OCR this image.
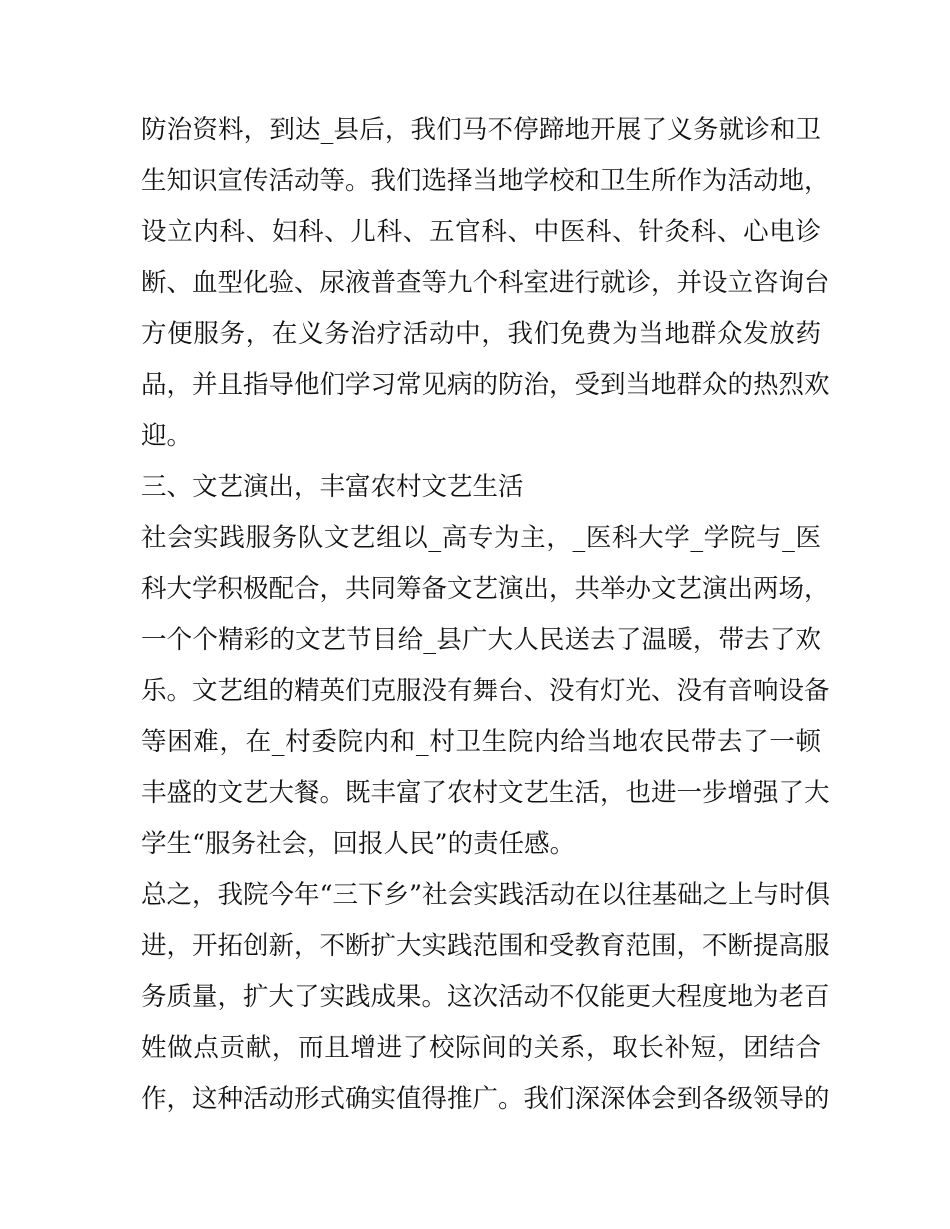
防治资料，到达_县后，我们马不停蹄地开展了义务就诊和卫
生知识宣传活动等。我们选择当地学校和卫生所作为活动地，
设立内科、妇科、儿科、五官科、中医科、针灸科、心电诊
断、血型化验、尿液普查等九个科室进行就诊，并设立咨询台
方便服务，在义务治疗活动中，我们免费为当地群众发放药
品，并且指导他们学习常见病的防治，受到当地群众的热烈欢
迎。
三、文艺演出，丰富农村文艺生活
社会实践服务队文艺组以_高专为主，_医科大学_学院与_医
科大学积极配合，共同筹备文艺演出，共举办文艺演出两场，
一个个精彩的文艺节目给_县广大人民送去了温暖，带去了欢
乐。文艺组的精英们克服没有舞台、没有灯光、没有音响设备
等困难，在_村委院内和_村卫生院内给当地农民带去了一顿
丰盛的文艺大餐。既丰富了农村文艺生活，也进一步增强了大
学生“服务社会，回报人民”的责任感。
总之，我院今年“三下乡”社会实践活动在以往基础之上与时俱
进，开拓创新，不断扩大实践范围和受教育范围，不断提高服
务质量，扩大了实践成果。这次活动不仅能更大程度地为老百
姓做点贡献，而且增进了校际间的关系，取长补短，团结合
作，这种活动形式确实值得推广。我们深深体会到各级领导的
